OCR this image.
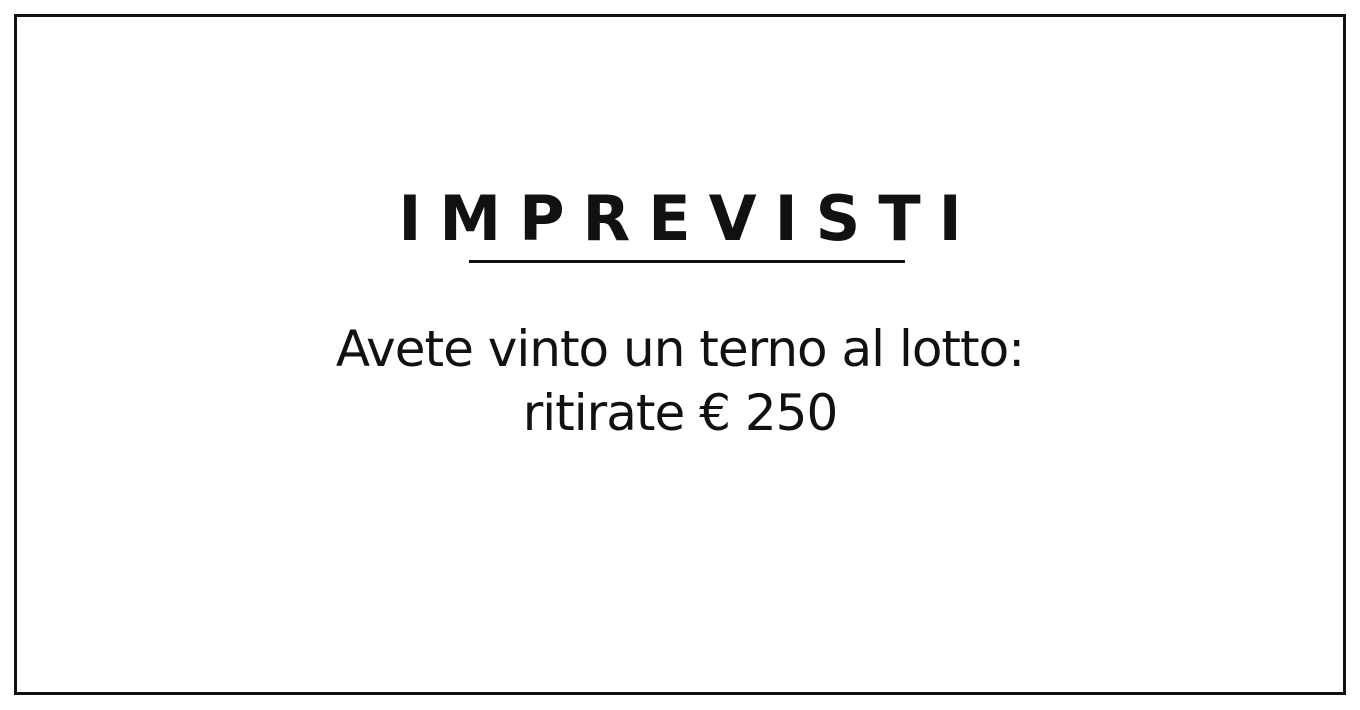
IMPREVISTI
Avete vinto un terno al lotto:
ritirate € 250
